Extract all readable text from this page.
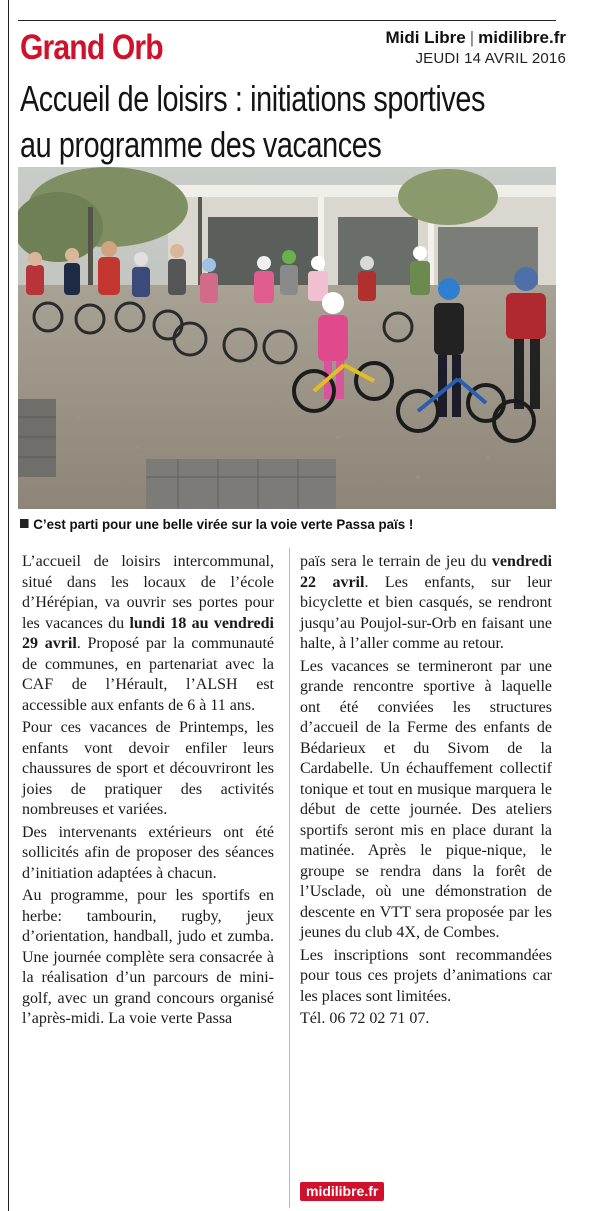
Grand Orb	Midi Libre | midilibre.fr
JEUDI 14 AVRIL 2016
Accueil de loisirs : initiations sportives
au programme des vacances
C’est parti pour une belle virée sur la voie verte Passa païs !

L’accueil de loisirs intercommunal, situé dans les locaux de l’école d’Hérépian, va ouvrir ses portes pour les vacances du lundi 18 au vendredi 29 avril. Proposé par la communauté de communes, en partenariat avec la CAF de l’Hérault, l’ALSH est accessible aux enfants de 6 à 11 ans.

Pour ces vacances de Printemps, les enfants vont devoir enfiler leurs chaussures de sport et découvriront les joies de pratiquer des activités nombreuses et variées.

Des intervenants extérieurs ont été sollicités afin de proposer des séances d’initiation adaptées à chacun.

Au programme, pour les sportifs en herbe: tambourin, rugby, jeux d’orientation, handball, judo et zumba. Une journée complète sera consacrée à la réalisation d’un parcours de mini-golf, avec un grand concours organisé l’après-midi. La voie verte Passa

païs sera le terrain de jeu du vendredi 22 avril. Les enfants, sur leur bicyclette et bien casqués, se rendront jusqu’au Poujol-sur-Orb en faisant une halte, à l’aller comme au retour.

Les vacances se termineront par une grande rencontre sportive à laquelle ont été conviées les structures d’accueil de la Ferme des enfants de Bédarieux et du Sivom de la Cardabelle. Un échauffement collectif tonique et tout en musique marquera le début de cette journée. Des ateliers sportifs seront mis en place durant la matinée. Après le pique-nique, le groupe se rendra dans la forêt de l’Usclade, où une démonstration de descente en VTT sera proposée par les jeunes du club 4X, de Combes.

Les inscriptions sont recommandées pour tous ces projets d’animations car les places sont limitées.

Tél. 06 72 02 71 07.

midilibre.fr
